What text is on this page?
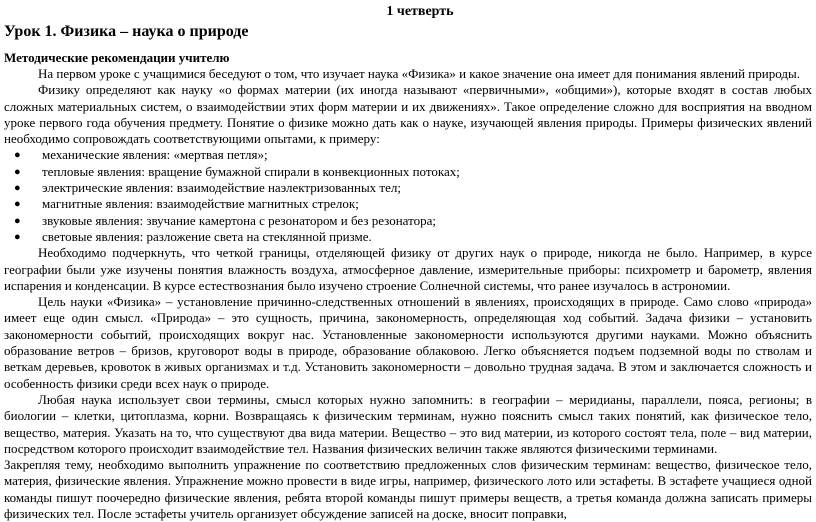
1 четверть
Урок 1. Физика – наука о природе
Методические рекомендации учителю

На первом уроке с учащимися беседуют о том, что изучает наука «Физика» и какое значение она имеет для понимания явлений природы.

Физику определяют как науку «о формах материи (их иногда называют «первичными», «общими»), которые входят в состав любых сложных материальных систем, о взаимодействии этих форм материи и их движениях». Такое определение сложно для восприятия на вводном уроке первого года обучения предмету. Понятие о физике можно дать как о науке, изучающей явления природы. Примеры физических явлений необходимо сопровождать соответствующими опытами, к примеру:

● механические явления: «мертвая петля»;
● тепловые явления: вращение бумажной спирали в конвекционных потоках;
● электрические явления: взаимодействие наэлектризованных тел;
● магнитные явления: взаимодействие магнитных стрелок;
● звуковые явления: звучание камертона с резонатором и без резонатора;
● световые явления: разложение света на стеклянной призме.

Необходимо подчеркнуть, что четкой границы, отделяющей физику от других наук о природе, никогда не было. Например, в курсе географии были уже изучены понятия влажность воздуха, атмосферное давление, измерительные приборы: психрометр и барометр, явления испарения и конденсации. В курсе естествознания было изучено строение Солнечной системы, что ранее изучалось в астрономии.

Цель науки «Физика» – установление причинно-следственных отношений в явлениях, происходящих в природе. Само слово «природа» имеет еще один смысл. «Природа» – это сущность, причина, закономерность, определяющая ход событий. Задача физики – установить закономерности событий, происходящих вокруг нас. Установленные закономерности используются другими науками. Можно объяснить образование ветров – бризов, круговорот воды в природе, образование облаковою. Легко объясняется подъем подземной воды по стволам и веткам деревьев, кровоток в живых организмах и т.д. Установить закономерности – довольно трудная задача. В этом и заключается сложность и особенность физики среди всех наук о природе.

Любая наука использует свои термины, смысл которых нужно запомнить: в географии – меридианы, параллели, пояса, регионы; в биологии – клетки, цитоплазма, корни. Возвращаясь к физическим терминам, нужно пояснить смысл таких понятий, как физическое тело, вещество, материя. Указать на то, что существуют два вида материи. Вещество – это вид материи, из которого состоят тела, поле – вид материи, посредством которого происходит взаимодействие тел. Названия физических величин также являются физическими терминами.

Закрепляя тему, необходимо выполнить упражнение по соответствию предложенных слов физическим терминам: вещество, физическое тело, материя, физические явления. Упражнение можно провести в виде игры, например, физического лото или эстафеты. В эстафете учащиеся одной команды пишут поочередно физические явления, ребята второй команды пишут примеры веществ, а третья команда должна записать примеры физических тел. После эстафеты учитель организует обсуждение записей на доске, вносит поправки,
